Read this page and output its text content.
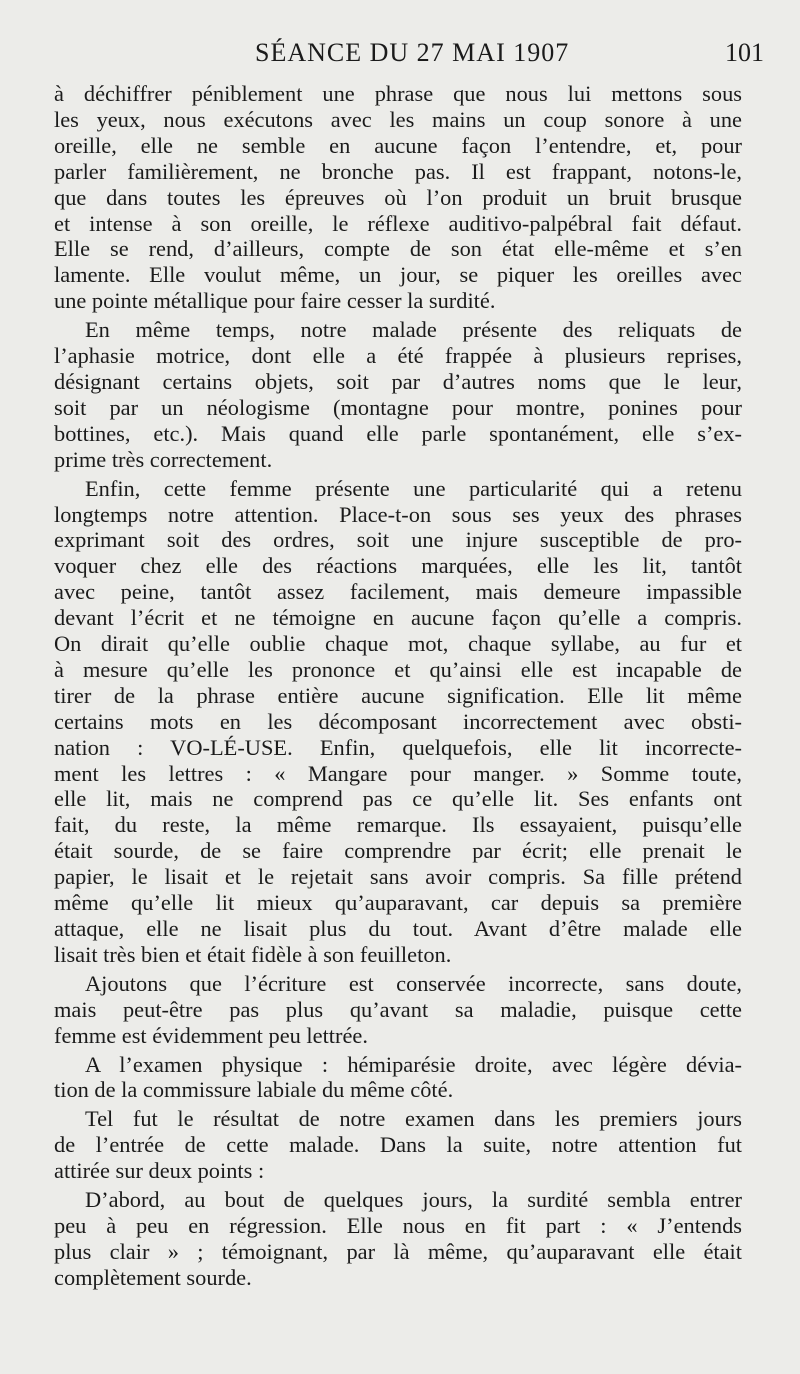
SÉANCE DU 27 MAI 1907	101
à déchiffrer péniblement une phrase que nous lui mettons sous
les yeux, nous exécutons avec les mains un coup sonore à une
oreille, elle ne semble en aucune façon l’entendre, et, pour
parler familièrement, ne bronche pas. Il est frappant, notons-le,
que dans toutes les épreuves où l’on produit un bruit brusque
et intense à son oreille, le réflexe auditivo-palpébral fait défaut.
Elle se rend, d’ailleurs, compte de son état elle-même et s’en
lamente. Elle voulut même, un jour, se piquer les oreilles avec
une pointe métallique pour faire cesser la surdité.
En même temps, notre malade présente des reliquats de
l’aphasie motrice, dont elle a été frappée à plusieurs reprises,
désignant certains objets, soit par d’autres noms que le leur,
soit par un néologisme (montagne pour montre, ponines pour
bottines, etc.). Mais quand elle parle spontanément, elle s’ex-
prime très correctement.
Enfin, cette femme présente une particularité qui a retenu
longtemps notre attention. Place-t-on sous ses yeux des phrases
exprimant soit des ordres, soit une injure susceptible de pro-
voquer chez elle des réactions marquées, elle les lit, tantôt
avec peine, tantôt assez facilement, mais demeure impassible
devant l’écrit et ne témoigne en aucune façon qu’elle a compris.
On dirait qu’elle oublie chaque mot, chaque syllabe, au fur et
à mesure qu’elle les prononce et qu’ainsi elle est incapable de
tirer de la phrase entière aucune signification. Elle lit même
certains mots en les décomposant incorrectement avec obsti-
nation : VO-LÉ-USE. Enfin, quelquefois, elle lit incorrecte-
ment les lettres : « Mangare pour manger. » Somme toute,
elle lit, mais ne comprend pas ce qu’elle lit. Ses enfants ont
fait, du reste, la même remarque. Ils essayaient, puisqu’elle
était sourde, de se faire comprendre par écrit; elle prenait le
papier, le lisait et le rejetait sans avoir compris. Sa fille prétend
même qu’elle lit mieux qu’auparavant, car depuis sa première
attaque, elle ne lisait plus du tout. Avant d’être malade elle
lisait très bien et était fidèle à son feuilleton.
Ajoutons que l’écriture est conservée incorrecte, sans doute,
mais peut-être pas plus qu’avant sa maladie, puisque cette
femme est évidemment peu lettrée.
A l’examen physique : hémiparésie droite, avec légère dévia-
tion de la commissure labiale du même côté.
Tel fut le résultat de notre examen dans les premiers jours
de l’entrée de cette malade. Dans la suite, notre attention fut
attirée sur deux points :
D’abord, au bout de quelques jours, la surdité sembla entrer
peu à peu en régression. Elle nous en fit part : « J’entends
plus clair » ; témoignant, par là même, qu’auparavant elle était
complètement sourde.
